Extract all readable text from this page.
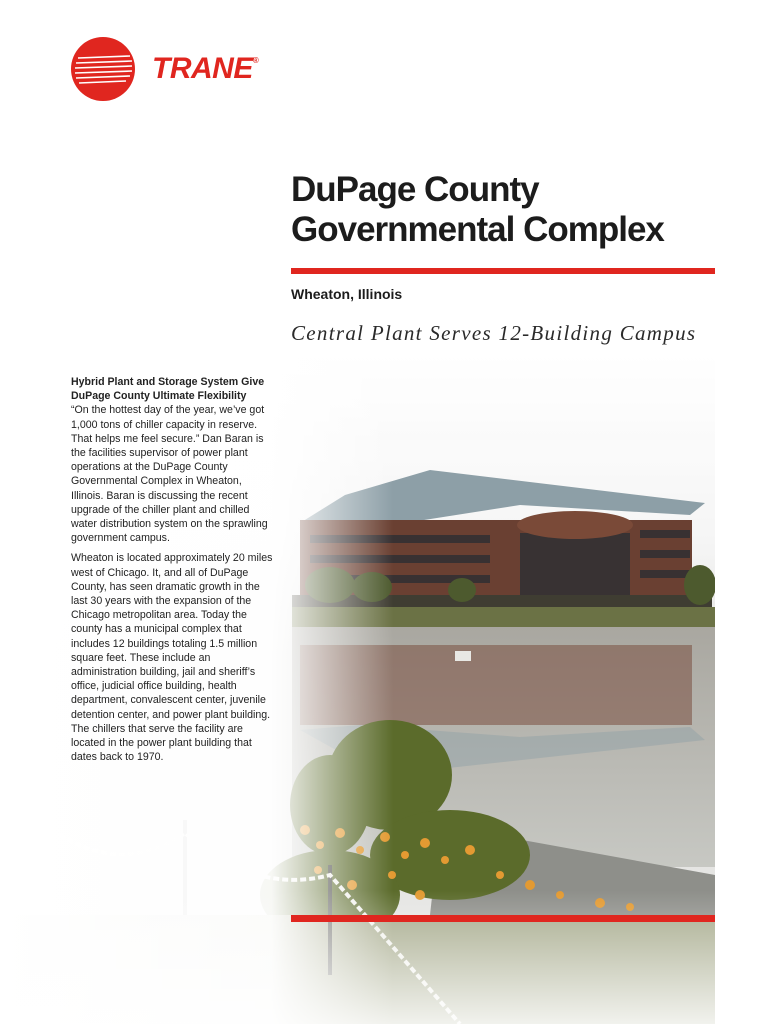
TRANE®
DuPage County
Governmental Complex
Wheaton, Illinois
Central Plant Serves 12-Building Campus

Hybrid Plant and Storage System Give DuPage County Ultimate Flexibility

“On the hottest day of the year, we’ve got 1,000 tons of chiller capacity in reserve. That helps me feel secure.” Dan Baran is the facilities supervisor of power plant operations at the DuPage County Governmental Complex in Wheaton, Illinois. Baran is discussing the recent upgrade of the chiller plant and chilled water distribution system on the sprawling government campus.

Wheaton is located approximately 20 miles west of Chicago. It, and all of DuPage County, has seen dramatic growth in the last 30 years with the expansion of the Chicago metropolitan area. Today the county has a municipal complex that includes 12 buildings totaling 1.5 million square feet. These include an administration building, jail and sheriff’s office, judicial office building, health department, convalescent center, juvenile detention center, and power plant building. The chillers that serve the facility are located in the power plant building that dates back to 1970.
